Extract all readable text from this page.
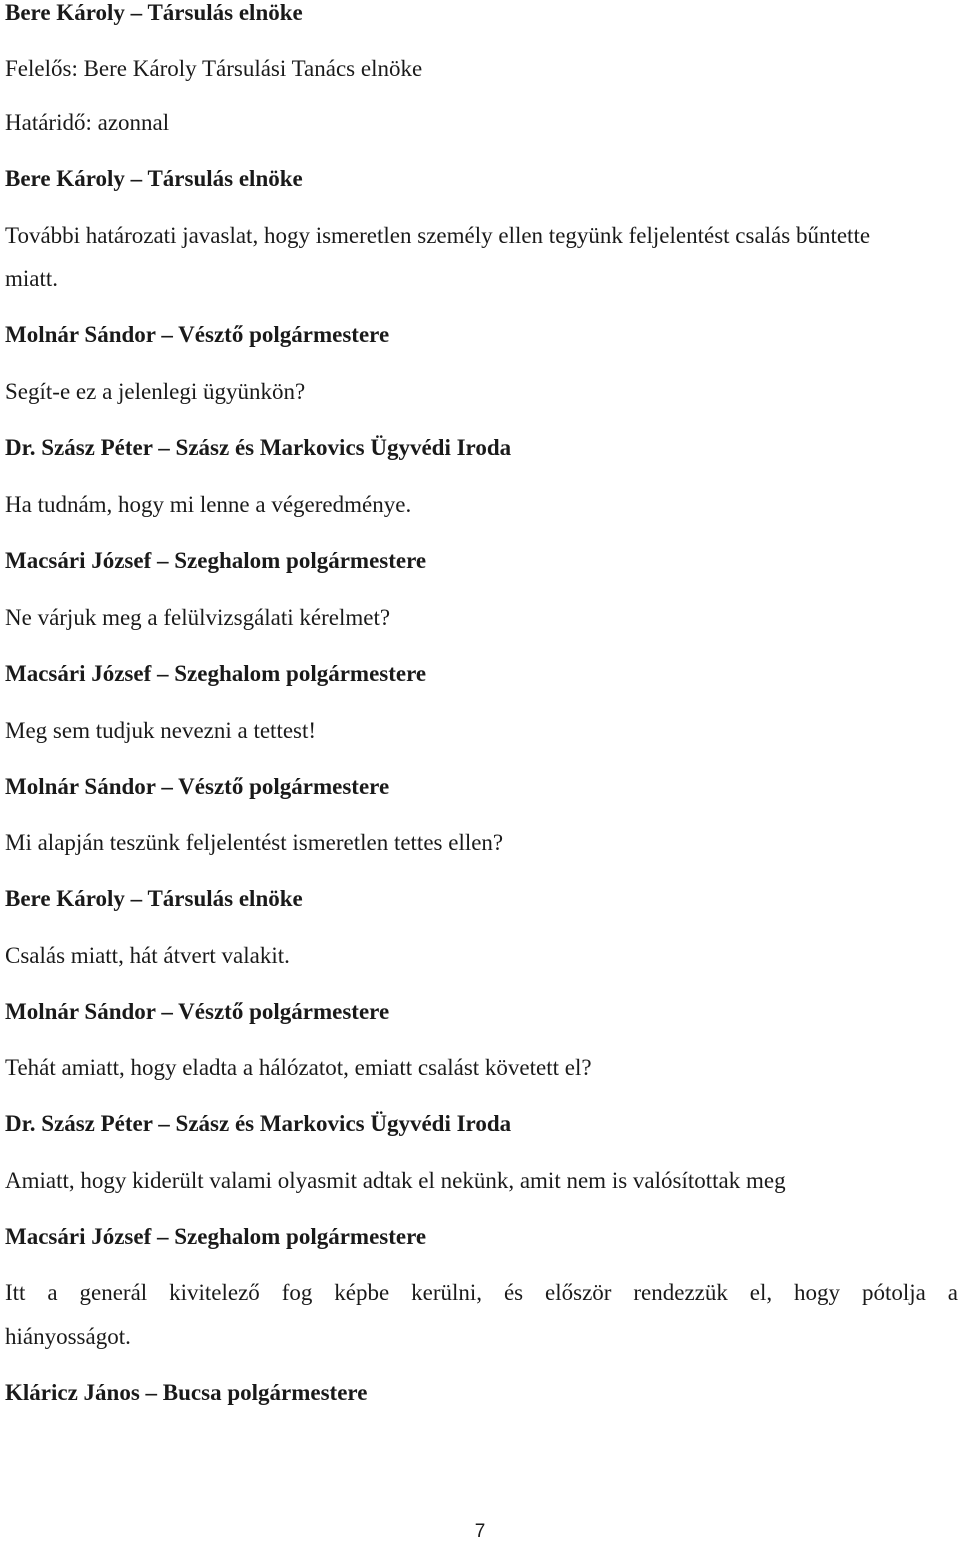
Bere Károly – Társulás elnöke
Felelős: Bere Károly Társulási Tanács elnöke
Határidő: azonnal
Bere Károly – Társulás elnöke
További határozati javaslat, hogy ismeretlen személy ellen tegyünk feljelentést csalás bűntette
miatt.
Molnár Sándor – Vésztő polgármestere
Segít-e ez a jelenlegi ügyünkön?
Dr. Szász Péter – Szász és Markovics Ügyvédi Iroda
Ha tudnám, hogy mi lenne a végeredménye.
Macsári József – Szeghalom polgármestere
Ne várjuk meg a felülvizsgálati kérelmet?
Macsári József – Szeghalom polgármestere
Meg sem tudjuk nevezni a tettest!
Molnár Sándor – Vésztő polgármestere
Mi alapján teszünk feljelentést ismeretlen tettes ellen?
Bere Károly – Társulás elnöke
Csalás miatt, hát átvert valakit.
Molnár Sándor – Vésztő polgármestere
Tehát amiatt, hogy eladta a hálózatot, emiatt csalást követett el?
Dr. Szász Péter – Szász és Markovics Ügyvédi Iroda
Amiatt, hogy kiderült valami olyasmit adtak el nekünk, amit nem is valósítottak meg
Macsári József – Szeghalom polgármestere
Itt a generál kivitelező fog képbe kerülni, és először rendezzük el, hogy pótolja a
hiányosságot.
Kláricz János – Bucsa polgármestere
7
